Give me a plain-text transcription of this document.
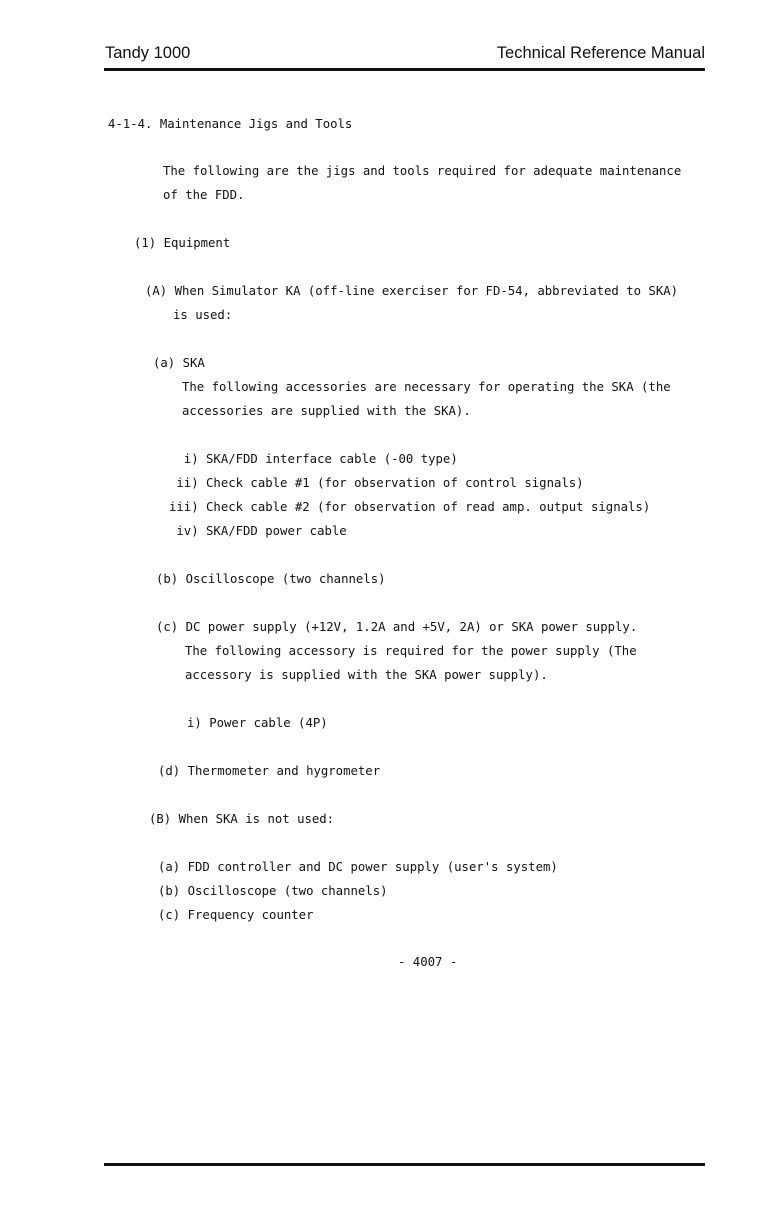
Tandy 1000	Technical Reference Manual
4-1-4. Maintenance Jigs and Tools
The following are the jigs and tools required for adequate maintenance
of the FDD.
(1) Equipment
(A) When Simulator KA (off-line exerciser for FD-54, abbreviated to SKA)
is used:
(a) SKA
The following accessories are necessary for operating the SKA (the
accessories are supplied with the SKA).
i) SKA/FDD interface cable (-00 type)
ii) Check cable #1 (for observation of control signals)
iii) Check cable #2 (for observation of read amp. output signals)
iv) SKA/FDD power cable
(b) Oscilloscope (two channels)
(c) DC power supply (+12V, 1.2A and +5V, 2A) or SKA power supply.
The following accessory is required for the power supply (The
accessory is supplied with the SKA power supply).
i) Power cable (4P)
(d) Thermometer and hygrometer
(B) When SKA is not used:
(a) FDD controller and DC power supply (user's system)
(b) Oscilloscope (two channels)
(c) Frequency counter
- 4007 -
